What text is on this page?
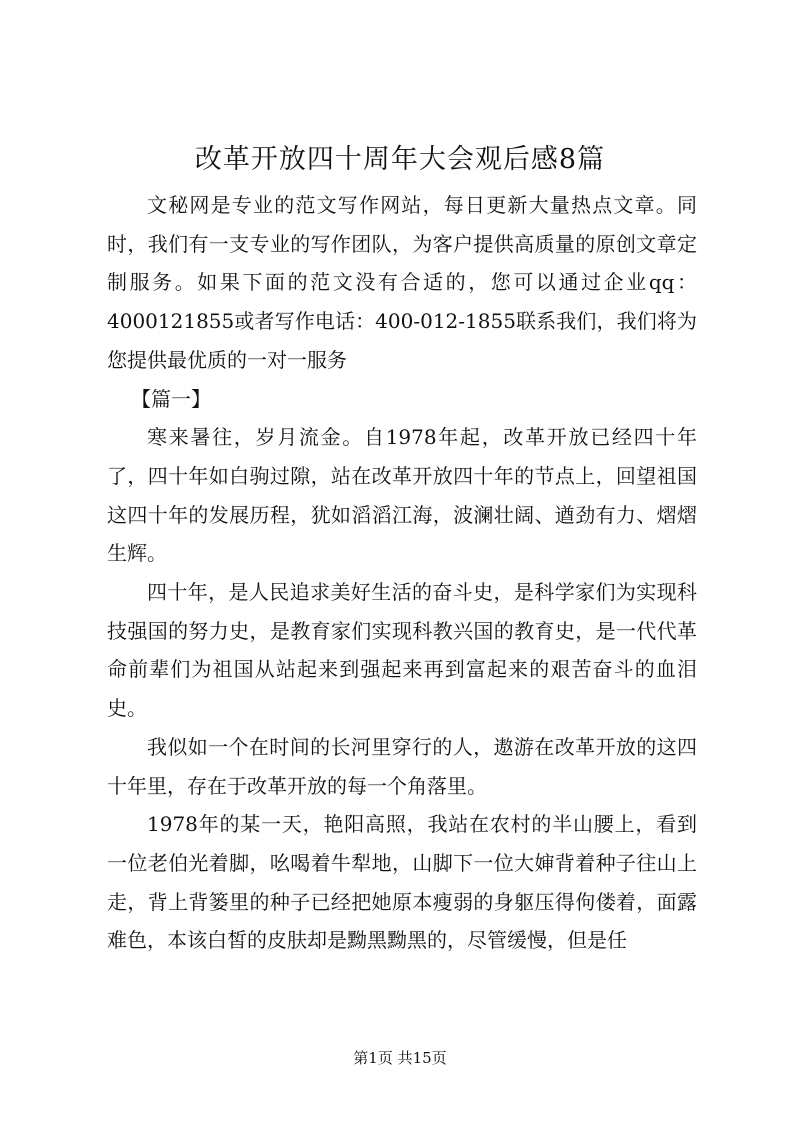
改革开放四十周年大会观后感8篇

文秘网是专业的范文写作网站，每日更新大量热点文章。同时，我们有一支专业的写作团队，为客户提供高质量的原创文章定制服务。如果下面的范文没有合适的，您可以通过企业qq：4000121855或者写作电话：400-012-1855联系我们，我们将为您提供最优质的一对一服务

【篇一】

寒来暑往，岁月流金。自1978年起，改革开放已经四十年了，四十年如白驹过隙，站在改革开放四十年的节点上，回望祖国这四十年的发展历程，犹如滔滔江海，波澜壮阔、遒劲有力、熠熠生辉。

四十年，是人民追求美好生活的奋斗史，是科学家们为实现科技强国的努力史，是教育家们实现科教兴国的教育史，是一代代革命前辈们为祖国从站起来到强起来再到富起来的艰苦奋斗的血泪史。

我似如一个在时间的长河里穿行的人，遨游在改革开放的这四十年里，存在于改革开放的每一个角落里。

1978年的某一天，艳阳高照，我站在农村的半山腰上，看到一位老伯光着脚，吆喝着牛犁地，山脚下一位大婶背着种子往山上走，背上背篓里的种子已经把她原本瘦弱的身躯压得佝偻着，面露难色，本该白皙的皮肤却是黝黑黝黑的，尽管缓慢，但是任

第1页 共15页
